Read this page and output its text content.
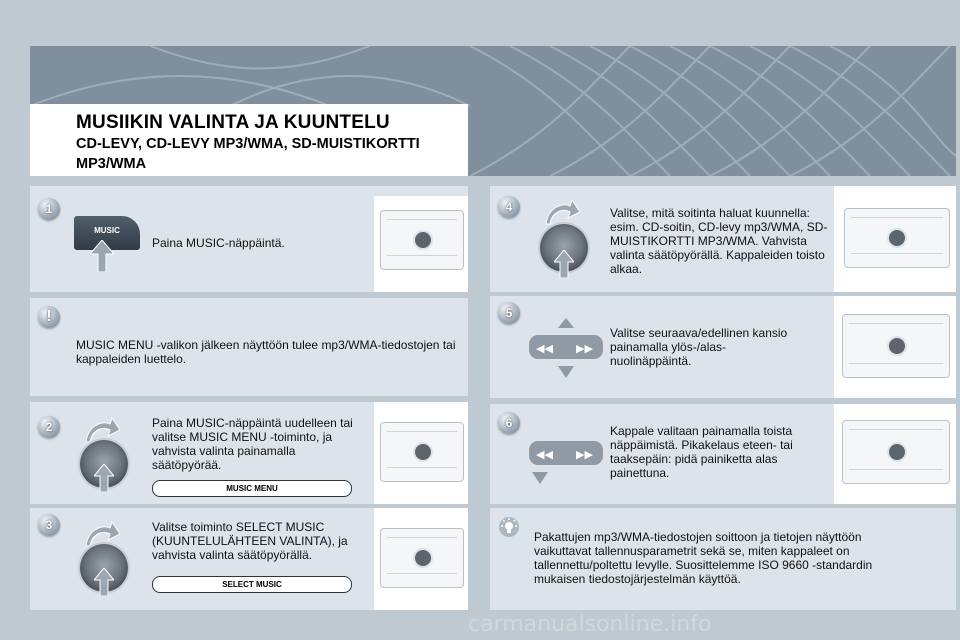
MUSIIKIN VALINTA JA KUUNTELU
CD-LEVY, CD-LEVY MP3/WMA, SD-MUISTIKORTTI MP3/WMA
1
MUSIC
Paina MUSIC-näppäintä.
!
MUSIC MENU -valikon jälkeen näyttöön tulee mp3/WMA-tiedostojen tai kappaleiden luettelo.
2	Paina MUSIC-näppäintä uudelleen tai valitse MUSIC MENU -toiminto, ja vahvista valinta painamalla säätöpyörää.
MUSIC MENU
3	Valitse toiminto SELECT MUSIC (KUUNTELULÄHTEEN VALINTA), ja vahvista valinta säätöpyörällä.
SELECT MUSIC
4	Valitse, mitä soitinta haluat kuunnella: esim. CD-soitin, CD-levy mp3/WMA, SD-MUISTIKORTTI MP3/WMA. Vahvista valinta säätöpyörällä. Kappaleiden toisto alkaa.
5
◀◀ ▶▶
Valitse seuraava/edellinen kansio painamalla ylös-/alas-nuolinäppäintä.
6
◀◀ ▶▶
Kappale valitaan painamalla toista näppäimistä. Pikakelaus eteen- tai taaksepäin: pidä painiketta alas painettuna.
Pakattujen mp3/WMA-tiedostojen soittoon ja tietojen näyttöön vaikuttavat tallennusparametrit sekä se, miten kappaleet on tallennettu/poltettu levylle. Suosittelemme ISO 9660 -standardin mukaisen tiedostojärjestelmän käyttöä.
carmanualsonline.info
